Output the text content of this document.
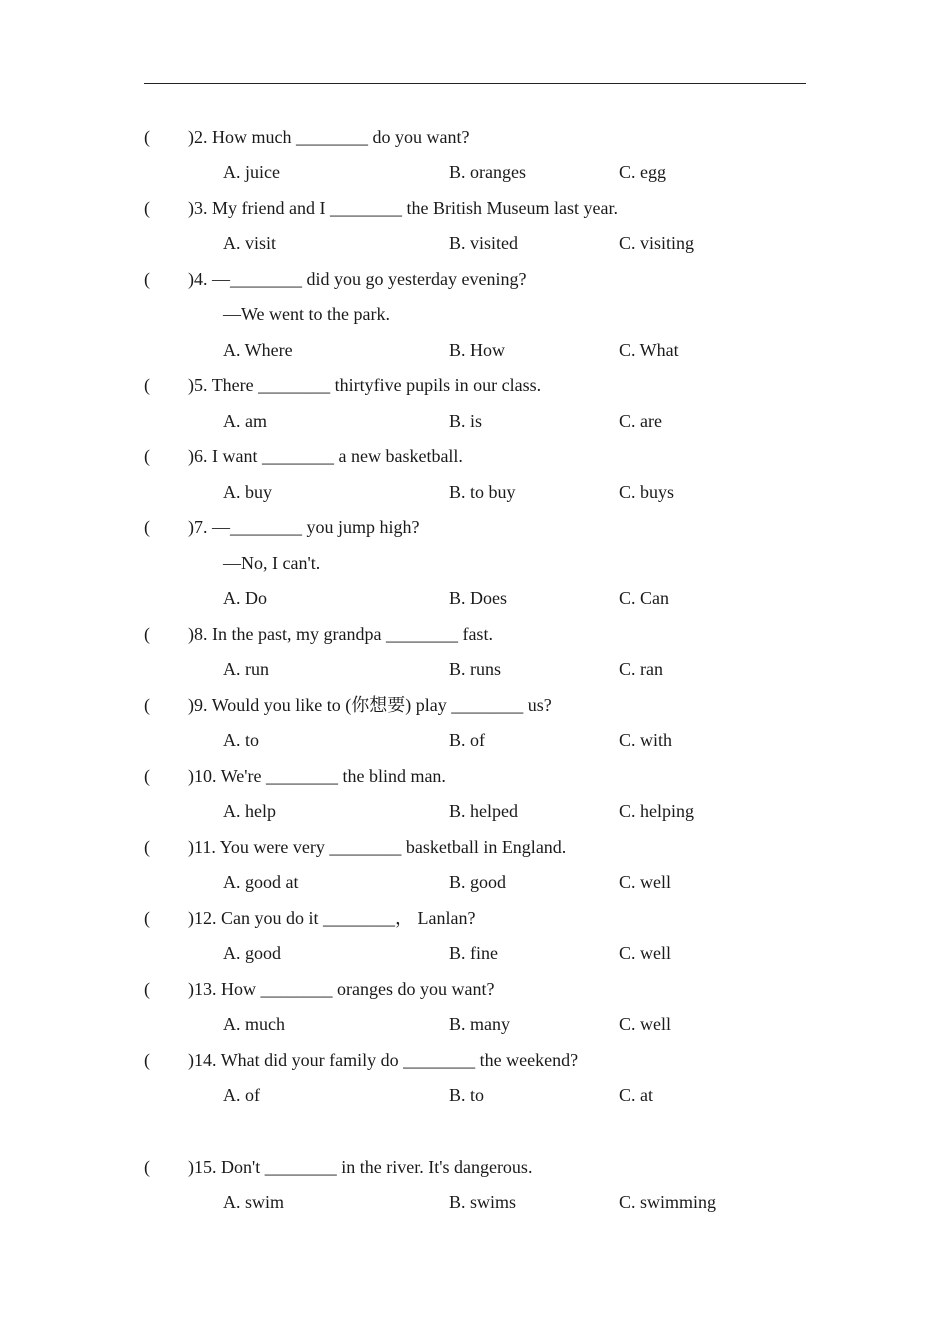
( ) 2. How much ________ do you want?
A. juice	B. oranges	C. egg
( ) 3. My friend and I ________ the British Museum last year.
A. visit	B. visited	C. visiting
( ) 4. —________ did you go yesterday evening?
—We went to the park.
A. Where	B. How	C. What
( ) 5. There ________ thirtyfive pupils in our class.
A. am	B. is	C. are
( ) 6. I want ________ a new basketball.
A. buy	B. to buy	C. buys
( ) 7. —________ you jump high?
—No, I can't.
A. Do	B. Does	C. Can
( ) 8. In the past, my grandpa ________ fast.
A. run	B. runs	C. ran
( ) 9. Would you like to (你想要) play ________ us?
A. to	B. of	C. with
( ) 10. We're ________ the blind man.
A. help	B. helped	C. helping
( ) 11. You were very ________ basketball in England.
A. good at	B. good	C. well
( ) 12. Can you do it ________， Lanlan?
A. good	B. fine	C. well
( ) 13. How ________ oranges do you want?
A. much	B. many	C. well
( ) 14. What did your family do ________ the weekend?
A. of	B. to	C. at
( ) 15. Don't ________ in the river. It's dangerous.
A. swim	B. swims	C. swimming
